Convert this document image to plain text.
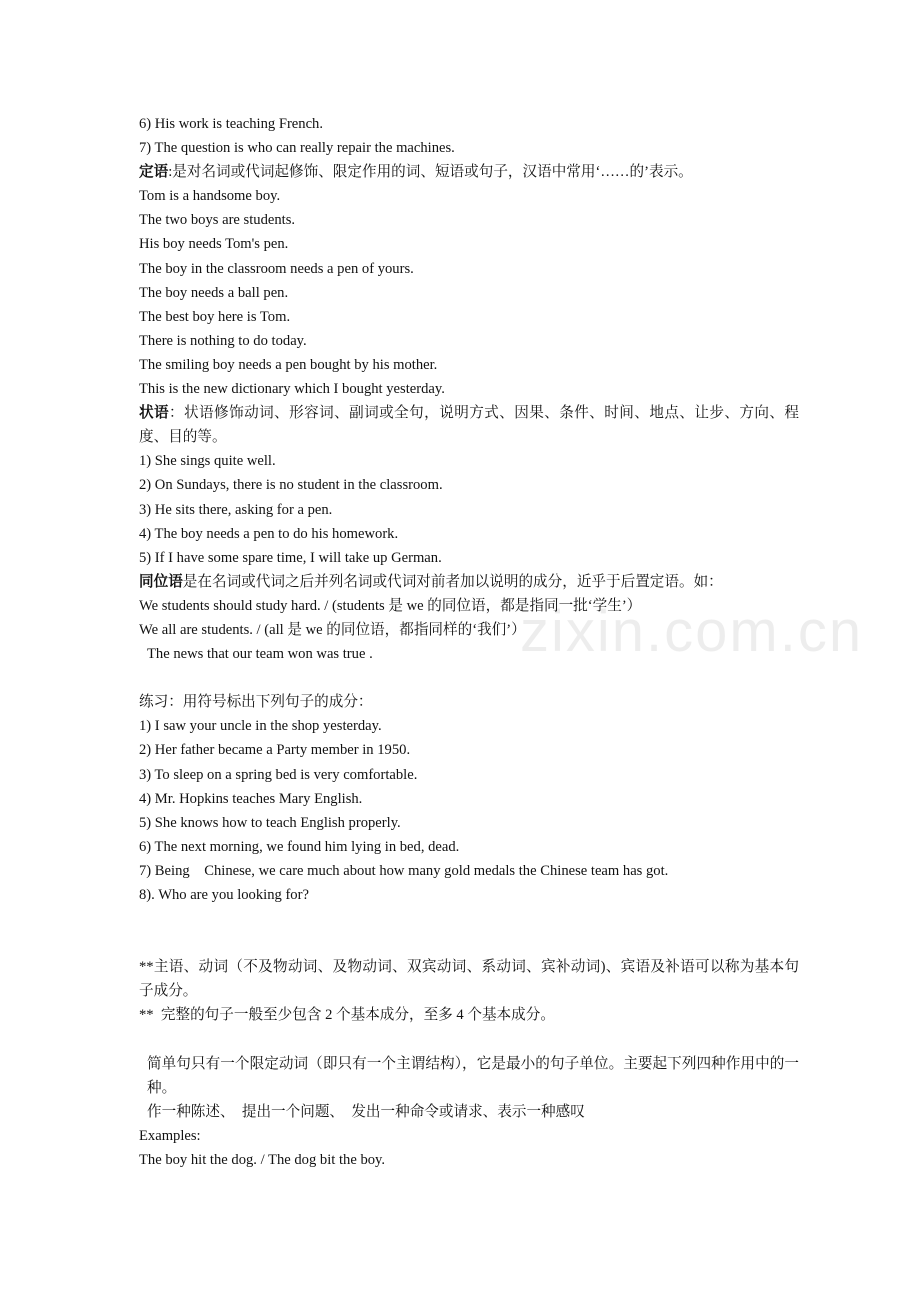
zixin.com.cn
6) His work is teaching French.
7) The question is who can really repair the machines.
定语:是对名词或代词起修饰、限定作用的词、短语或句子，汉语中常用‘……的’表示。
Tom is a handsome boy.
The two boys are students.
His boy needs Tom's pen.
The boy in the classroom needs a pen of yours.
The boy needs a ball pen.
The best boy here is Tom.
There is nothing to do today.
The smiling boy needs a pen bought by his mother.
This is the new dictionary which I bought yesterday.
状语：状语修饰动词、形容词、副词或全句，说明方式、因果、条件、时间、地点、让步、方向、程度、目的等。
1) She sings quite well.
2) On Sundays, there is no student in the classroom.
3) He sits there, asking for a pen.
4) The boy needs a pen to do his homework.
5) If I have some spare time, I will take up German.
同位语是在名词或代词之后并列名词或代词对前者加以说明的成分，近乎于后置定语。如：
We students should study hard. / (students 是 we 的同位语，都是指同一批‘学生’）
We all are students. / (all 是 we 的同位语，都指同样的‘我们’）
The news that our team won was true .
练习：用符号标出下列句子的成分：
1) I saw your uncle in the shop yesterday.
2) Her father became a Party member in 1950.
3) To sleep on a spring bed is very comfortable.
4) Mr. Hopkins teaches Mary English.
5) She knows how to teach English properly.
6) The next morning, we found him lying in bed, dead.
7) Being    Chinese, we care much about how many gold medals the Chinese team has got.
8). Who are you looking for?
**主语、动词（不及物动词、及物动词、双宾动词、系动词、宾补动词)、宾语及补语可以称为基本句子成分。
**  完整的句子一般至少包含 2 个基本成分，至多 4 个基本成分。
简单句只有一个限定动词（即只有一个主谓结构），它是最小的句子单位。主要起下列四种作用中的一种。
作一种陈述、  提出一个问题、  发出一种命令或请求、表示一种感叹
Examples:
The boy hit the dog. / The dog bit the boy.
